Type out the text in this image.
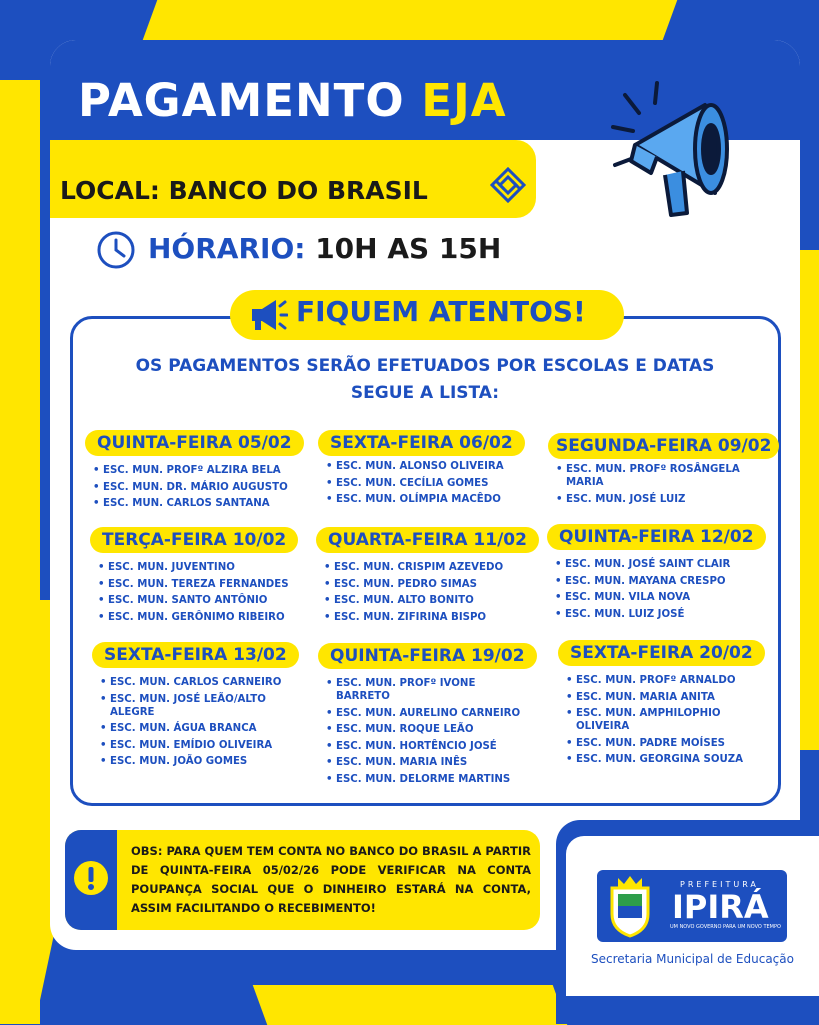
PAGAMENTO EJA
LOCAL: BANCO DO BRASIL
HÓRARIO: 10H AS 15H
FIQUEM ATENTOS!
OS PAGAMENTOS SERÃO EFETUADOS POR ESCOLAS E DATAS SEGUE A LISTA:
QUINTA-FEIRA 05/02
• ESC. MUN. PROFº ALZIRA BELA
• ESC. MUN. DR. MÁRIO AUGUSTO
• ESC. MUN. CARLOS SANTANA
SEXTA-FEIRA 06/02
• ESC. MUN. ALONSO OLIVEIRA
• ESC. MUN. CECÍLIA GOMES
• ESC. MUN. OLÍMPIA MACÊDO
SEGUNDA-FEIRA 09/02
• ESC. MUN. PROFº ROSÂNGELA MARIA
• ESC. MUN. JOSÉ LUIZ
TERÇA-FEIRA 10/02
• ESC. MUN. JUVENTINO
• ESC. MUN. TEREZA FERNANDES
• ESC. MUN. SANTO ANTÔNIO
• ESC. MUN. GERÔNIMO RIBEIRO
QUARTA-FEIRA 11/02
• ESC. MUN. CRISPIM AZEVEDO
• ESC. MUN. PEDRO SIMAS
• ESC. MUN. ALTO BONITO
• ESC. MUN. ZIFIRINA BISPO
QUINTA-FEIRA 12/02
• ESC. MUN. JOSÉ SAINT CLAIR
• ESC. MUN. MAYANA CRESPO
• ESC. MUN. VILA NOVA
• ESC. MUN. LUIZ JOSÉ
SEXTA-FEIRA 13/02
• ESC. MUN. CARLOS CARNEIRO
• ESC. MUN. JOSÉ LEÃO/ALTO ALEGRE
• ESC. MUN. ÁGUA BRANCA
• ESC. MUN. EMÍDIO OLIVEIRA
• ESC. MUN. JOÃO GOMES
QUINTA-FEIRA 19/02
• ESC. MUN. PROFº IVONE BARRETO
• ESC. MUN. AURELINO CARNEIRO
• ESC. MUN. ROQUE LEÃO
• ESC. MUN. HORTÊNCIO JOSÉ
• ESC. MUN. MARIA INÊS
• ESC. MUN. DELORME MARTINS
SEXTA-FEIRA 20/02
• ESC. MUN. PROFº ARNALDO
• ESC. MUN. MARIA ANITA
• ESC. MUN. AMPHILOPHIO OLIVEIRA
• ESC. MUN. PADRE MOÍSES
• ESC. MUN. GEORGINA SOUZA
OBS: PARA QUEM TEM CONTA NO BANCO DO BRASIL A PARTIR DE QUINTA-FEIRA 05/02/26 PODE VERIFICAR NA CONTA POUPANÇA SOCIAL QUE O DINHEIRO ESTARÁ NA CONTA, ASSIM FACILITANDO O RECEBIMENTO!
PREFEITURA
IPIRÁ
UM NOVO GOVERNO PARA UM NOVO TEMPO
Secretaria Municipal de Educação
